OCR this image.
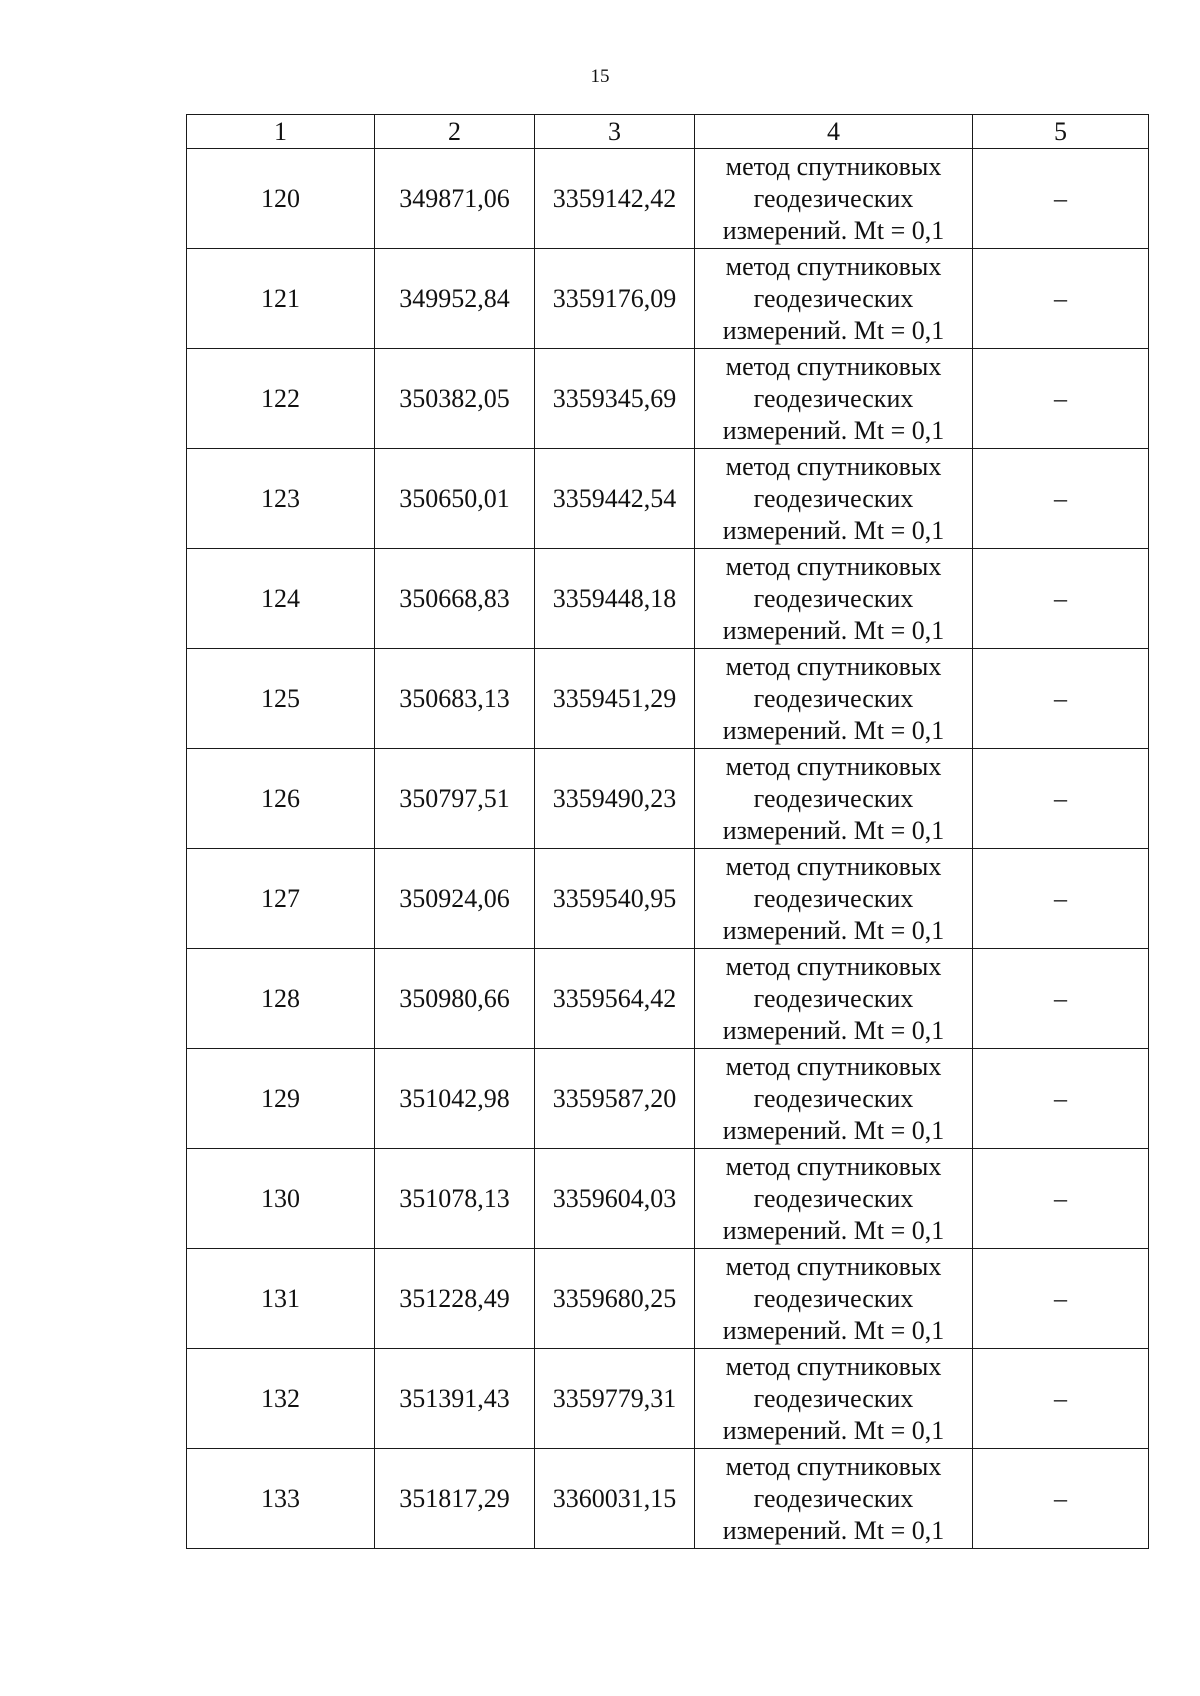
15
1	2	3	4	5
120	349871,06	3359142,42	метод спутниковых
геодезических
измерений. Mt = 0,1	–
121	349952,84	3359176,09	метод спутниковых
геодезических
измерений. Mt = 0,1	–
122	350382,05	3359345,69	метод спутниковых
геодезических
измерений. Mt = 0,1	–
123	350650,01	3359442,54	метод спутниковых
геодезических
измерений. Mt = 0,1	–
124	350668,83	3359448,18	метод спутниковых
геодезических
измерений. Mt = 0,1	–
125	350683,13	3359451,29	метод спутниковых
геодезических
измерений. Mt = 0,1	–
126	350797,51	3359490,23	метод спутниковых
геодезических
измерений. Mt = 0,1	–
127	350924,06	3359540,95	метод спутниковых
геодезических
измерений. Mt = 0,1	–
128	350980,66	3359564,42	метод спутниковых
геодезических
измерений. Mt = 0,1	–
129	351042,98	3359587,20	метод спутниковых
геодезических
измерений. Mt = 0,1	–
130	351078,13	3359604,03	метод спутниковых
геодезических
измерений. Mt = 0,1	–
131	351228,49	3359680,25	метод спутниковых
геодезических
измерений. Mt = 0,1	–
132	351391,43	3359779,31	метод спутниковых
геодезических
измерений. Mt = 0,1	–
133	351817,29	3360031,15	метод спутниковых
геодезических
измерений. Mt = 0,1	–
